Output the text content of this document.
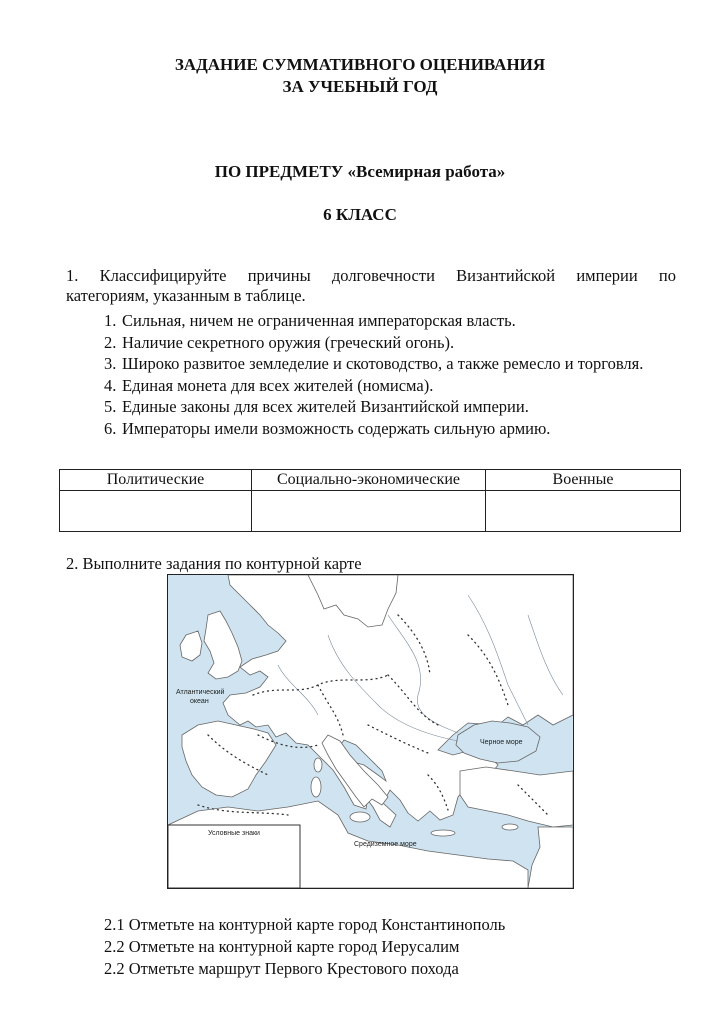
ЗАДАНИЕ СУММАТИВНОГО ОЦЕНИВАНИЯ
ЗА УЧЕБНЫЙ ГОД
ПО ПРЕДМЕТУ «Всемирная работа»
6 КЛАСС
1. Классифицируйте причины долговечности Византийской империи по
категориям, указанным в таблице.
1. Сильная, ничем не ограниченная императорская власть.
2. Наличие секретного оружия (греческий огонь).
3. Широко развитое земледелие и скотоводство, а также ремесло и торговля.
4. Единая монета для всех жителей (номисма).
5. Единые законы для всех жителей Византийской империи.
6. Императоры имели возможность содержать сильную армию.
Политические	Социально-экономические	Военные

2. Выполните задания по контурной карте
Атлантический
океан
Черное море
Средиземное море
Условные знаки
2.1 Отметьте на контурной карте город Константинополь
2.2 Отметьте на контурной карте город Иерусалим
2.2 Отметьте маршрут Первого Крестового похода
